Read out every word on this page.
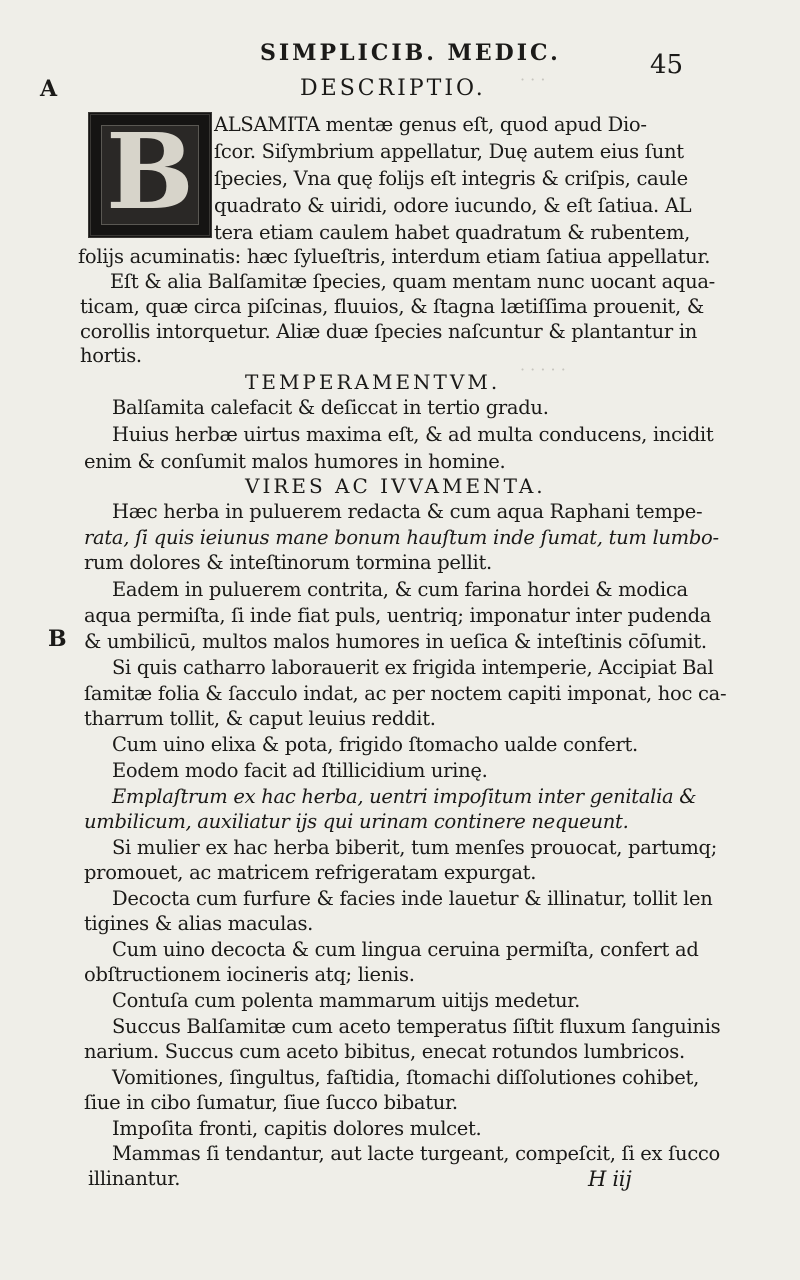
· · ·
· · · · ·
SIMPLICIB. MEDIC.	45
DESCRIPTIO.
A
B
B	ALSAMITA mentæ genus eſt, quod apud Dio-
ſcor. Siſymbrium appellatur, Duę autem eius ſunt
ſpecies, Vna quę folijs eſt integris & criſpis, caule
quadrato & uiridi, odore iucundo, & eſt ſatiua. AL
tera etiam caulem habet quadratum & rubentem,
folijs acuminatis: hæc ſylueſtris, interdum etiam ſatiua appellatur.
Eſt & alia Balſamitæ ſpecies, quam mentam nunc uocant aqua-
ticam, quæ circa piſcinas, fluuios, & ſtagna lætiſſima prouenit, &
corollis intorquetur. Aliæ duæ ſpecies naſcuntur & plantantur in
hortis.
TEMPERAMENTVM.
Balſamita calefacit & deſiccat in tertio gradu.
Huius herbæ uirtus maxima eſt, & ad multa conducens, incidit
enim & conſumit malos humores in homine.
VIRES AC IVVAMENTA.
Hæc herba in puluerem redacta & cum aqua Raphani tempe-
rata, ſi quis ieiunus mane bonum hauſtum inde ſumat, tum lumbo-
rum dolores & inteſtinorum tormina pellit.
Eadem in puluerem contrita, & cum farina hordei & modica
aqua permiſta, ſi inde fiat puls, uentriq; imponatur inter pudenda
& umbilicū, multos malos humores in ueſica & inteſtinis cōſumit.
Si quis catharro laborauerit ex frigida intemperie, Accipiat Bal
ſamitæ folia & ſacculo indat, ac per noctem capiti imponat, hoc ca-
tharrum tollit, & caput leuius reddit.
Cum uino elixa & pota, frigido ſtomacho ualde confert.
Eodem modo facit ad ſtillicidium urinę.
Emplaſtrum ex hac herba, uentri impoſitum inter genitalia &
umbilicum, auxiliatur ijs qui urinam continere nequeunt.
Si mulier ex hac herba biberit, tum menſes prouocat, partumq;
promouet, ac matricem refrigeratam expurgat.
Decocta cum furfure & facies inde lauetur & illinatur, tollit len
tigines & alias maculas.
Cum uino decocta & cum lingua ceruina permiſta, confert ad
obſtructionem iocineris atq; lienis.
Contuſa cum polenta mammarum uitijs medetur.
Succus Balſamitæ cum aceto temperatus ſiſtit fluxum ſanguinis
narium. Succus cum aceto bibitus, enecat rotundos lumbricos.
Vomitiones, ſingultus, faſtidia, ſtomachi diſſolutiones cohibet,
ſiue in cibo ſumatur, ſiue ſucco bibatur.
Impoſita fronti, capitis dolores mulcet.
Mammas ſi tendantur, aut lacte turgeant, compeſcit, ſi ex ſucco
illinantur.	H iij
